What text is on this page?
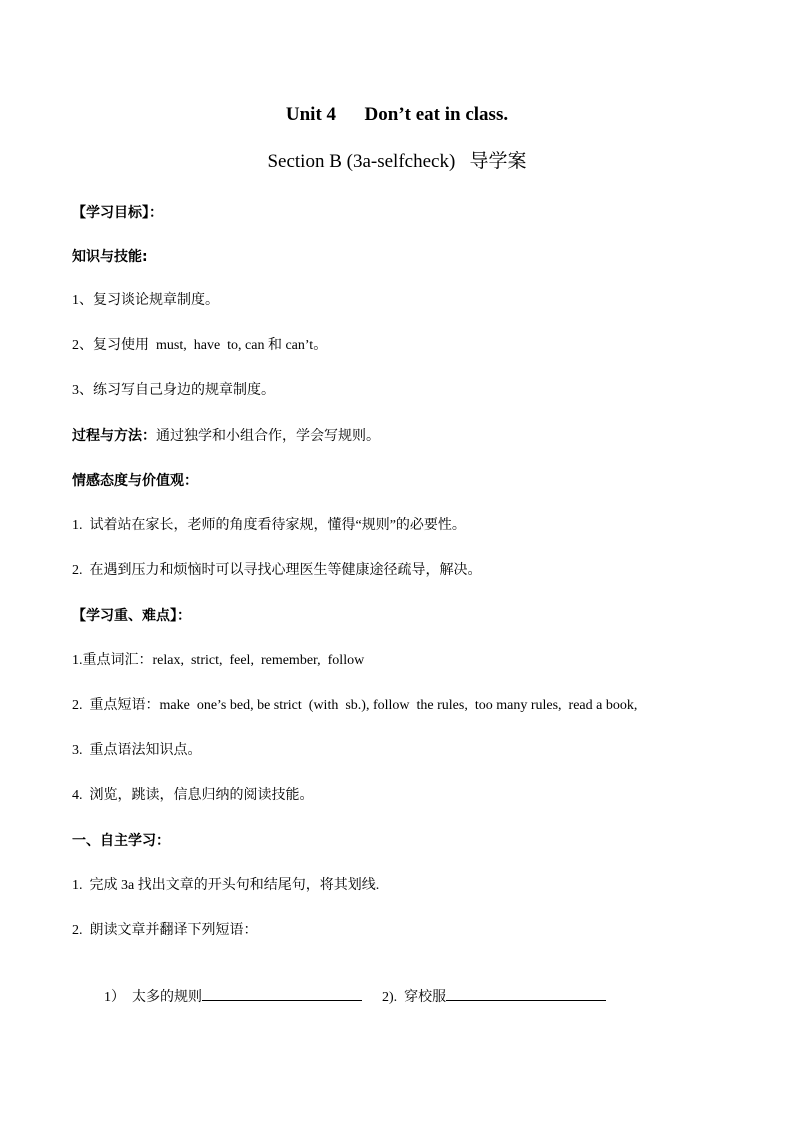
Unit 4      Don’t eat in class.
Section B (3a-selfcheck)   导学案
【学习目标】：
知识与技能:
1、复习谈论规章制度。
2、复习使用  must,  have  to, can 和 can’t。
3、练习写自己身边的规章制度。
过程与方法：通过独学和小组合作，学会写规则。
情感态度与价值观：
1.  试着站在家长，老师的角度看待家规，懂得“规则”的必要性。
2.  在遇到压力和烦恼时可以寻找心理医生等健康途径疏导，解决。
【学习重、难点】：
1.重点词汇：relax,  strict,  feel,  remember,  follow
2.  重点短语：make  one’s bed, be strict  (with  sb.), follow  the rules,  too many rules,  read a book,
3.  重点语法知识点。
4.  浏览，跳读，信息归纳的阅读技能。
一、自主学习：
1.  完成 3a 找出文章的开头句和结尾句，将其划线.
2.  朗读文章并翻译下列短语：

1）  太多的规则	2).  穿校服
